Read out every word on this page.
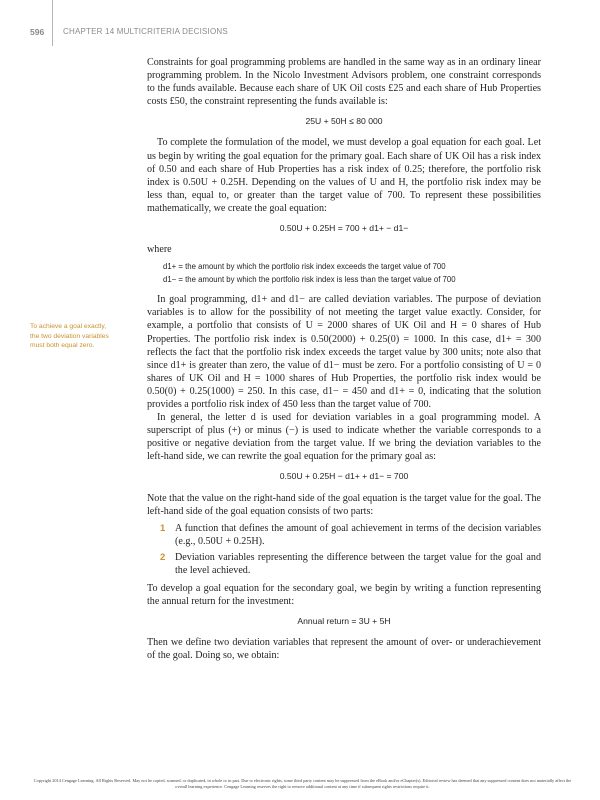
596 CHAPTER 14 MULTICRITERIA DECISIONS
To achieve a goal exactly, the two deviation variables must both equal zero.

Constraints for goal programming problems are handled in the same way as in an ordinary linear programming problem. In the Nicolo Investment Advisors problem, one constraint corresponds to the funds available. Because each share of UK Oil costs £25 and each share of Hub Properties costs £50, the constraint representing the funds available is:

25U + 50H ≤ 80 000

To complete the formulation of the model, we must develop a goal equation for each goal. Let us begin by writing the goal equation for the primary goal. Each share of UK Oil has a risk index of 0.50 and each share of Hub Properties has a risk index of 0.25; therefore, the portfolio risk index is 0.50U + 0.25H. Depending on the values of U and H, the portfolio risk index may be less than, equal to, or greater than the target value of 700. To represent these possibilities mathematically, we create the goal equation:

0.50U + 0.25H = 700 + d1+ − d1−

where

d1+ = the amount by which the portfolio risk index exceeds the target value of 700
d1− = the amount by which the portfolio risk index is less than the target value of 700

In goal programming, d1+ and d1− are called deviation variables. The purpose of deviation variables is to allow for the possibility of not meeting the target value exactly. Consider, for example, a portfolio that consists of U = 2000 shares of UK Oil and H = 0 shares of Hub Properties. The portfolio risk index is 0.50(2000) + 0.25(0) = 1000. In this case, d1+ = 300 reflects the fact that the portfolio risk index exceeds the target value by 300 units; note also that since d1+ is greater than zero, the value of d1− must be zero. For a portfolio consisting of U = 0 shares of UK Oil and H = 1000 shares of Hub Properties, the portfolio risk index would be 0.50(0) + 0.25(1000) = 250. In this case, d1− = 450 and d1+ = 0, indicating that the solution provides a portfolio risk index of 450 less than the target value of 700.

In general, the letter d is used for deviation variables in a goal programming model. A superscript of plus (+) or minus (−) is used to indicate whether the variable corresponds to a positive or negative deviation from the target value. If we bring the deviation variables to the left-hand side, we can rewrite the goal equation for the primary goal as:

0.50U + 0.25H − d1+ + d1− = 700

Note that the value on the right-hand side of the goal equation is the target value for the goal. The left-hand side of the goal equation consists of two parts:

1 A function that defines the amount of goal achievement in terms of the decision variables (e.g., 0.50U + 0.25H).
2 Deviation variables representing the difference between the target value for the goal and the level achieved.

To develop a goal equation for the secondary goal, we begin by writing a function representing the annual return for the investment:

Annual return = 3U + 5H

Then we define two deviation variables that represent the amount of over- or underachievement of the goal. Doing so, we obtain:

Copyright 2014 Cengage Learning. All Rights Reserved. May not be copied, scanned, or duplicated, in whole or in part. Due to electronic rights, some third party content may be suppressed from the eBook and/or eChapter(s). Editorial review has deemed that any suppressed content does not materially affect the overall learning experience. Cengage Learning reserves the right to remove additional content at any time if subsequent rights restrictions require it.
